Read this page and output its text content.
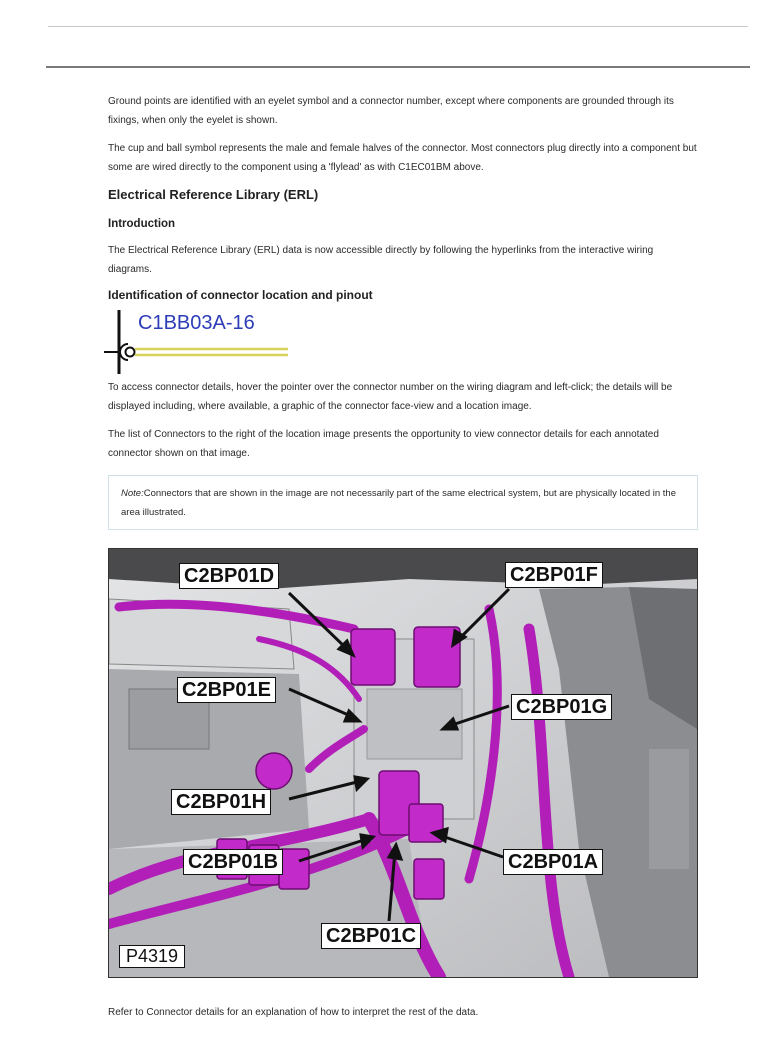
Ground points are identified with an eyelet symbol and a connector number, except where components are grounded through its fixings, when only the eyelet is shown.

The cup and ball symbol represents the male and female halves of the connector. Most connectors plug directly into a component but some are wired directly to the component using a 'flylead' as with C1EC01BM above.

Electrical Reference Library (ERL)
Introduction

The Electrical Reference Library (ERL) data is now accessible directly by following the hyperlinks from the interactive wiring diagrams.

Identification of connector location and pinout
C1BB03A-16

To access connector details, hover the pointer over the connector number on the wiring diagram and left-click; the details will be displayed including, where available, a graphic of the connector face-view and a location image.

The list of Connectors to the right of the location image presents the opportunity to view connector details for each annotated connector shown on that image.

Note:Connectors that are shown in the image are not necessarily part of the same electrical system, but are physically located in the area illustrated.
C2BP01D	C2BP01F
C2BP01E
C2BP01G
C2BP01H
C2BP01B	C2BP01A
C2BP01C
P4319
Refer to Connector details for an explanation of how to interpret the rest of the data.
